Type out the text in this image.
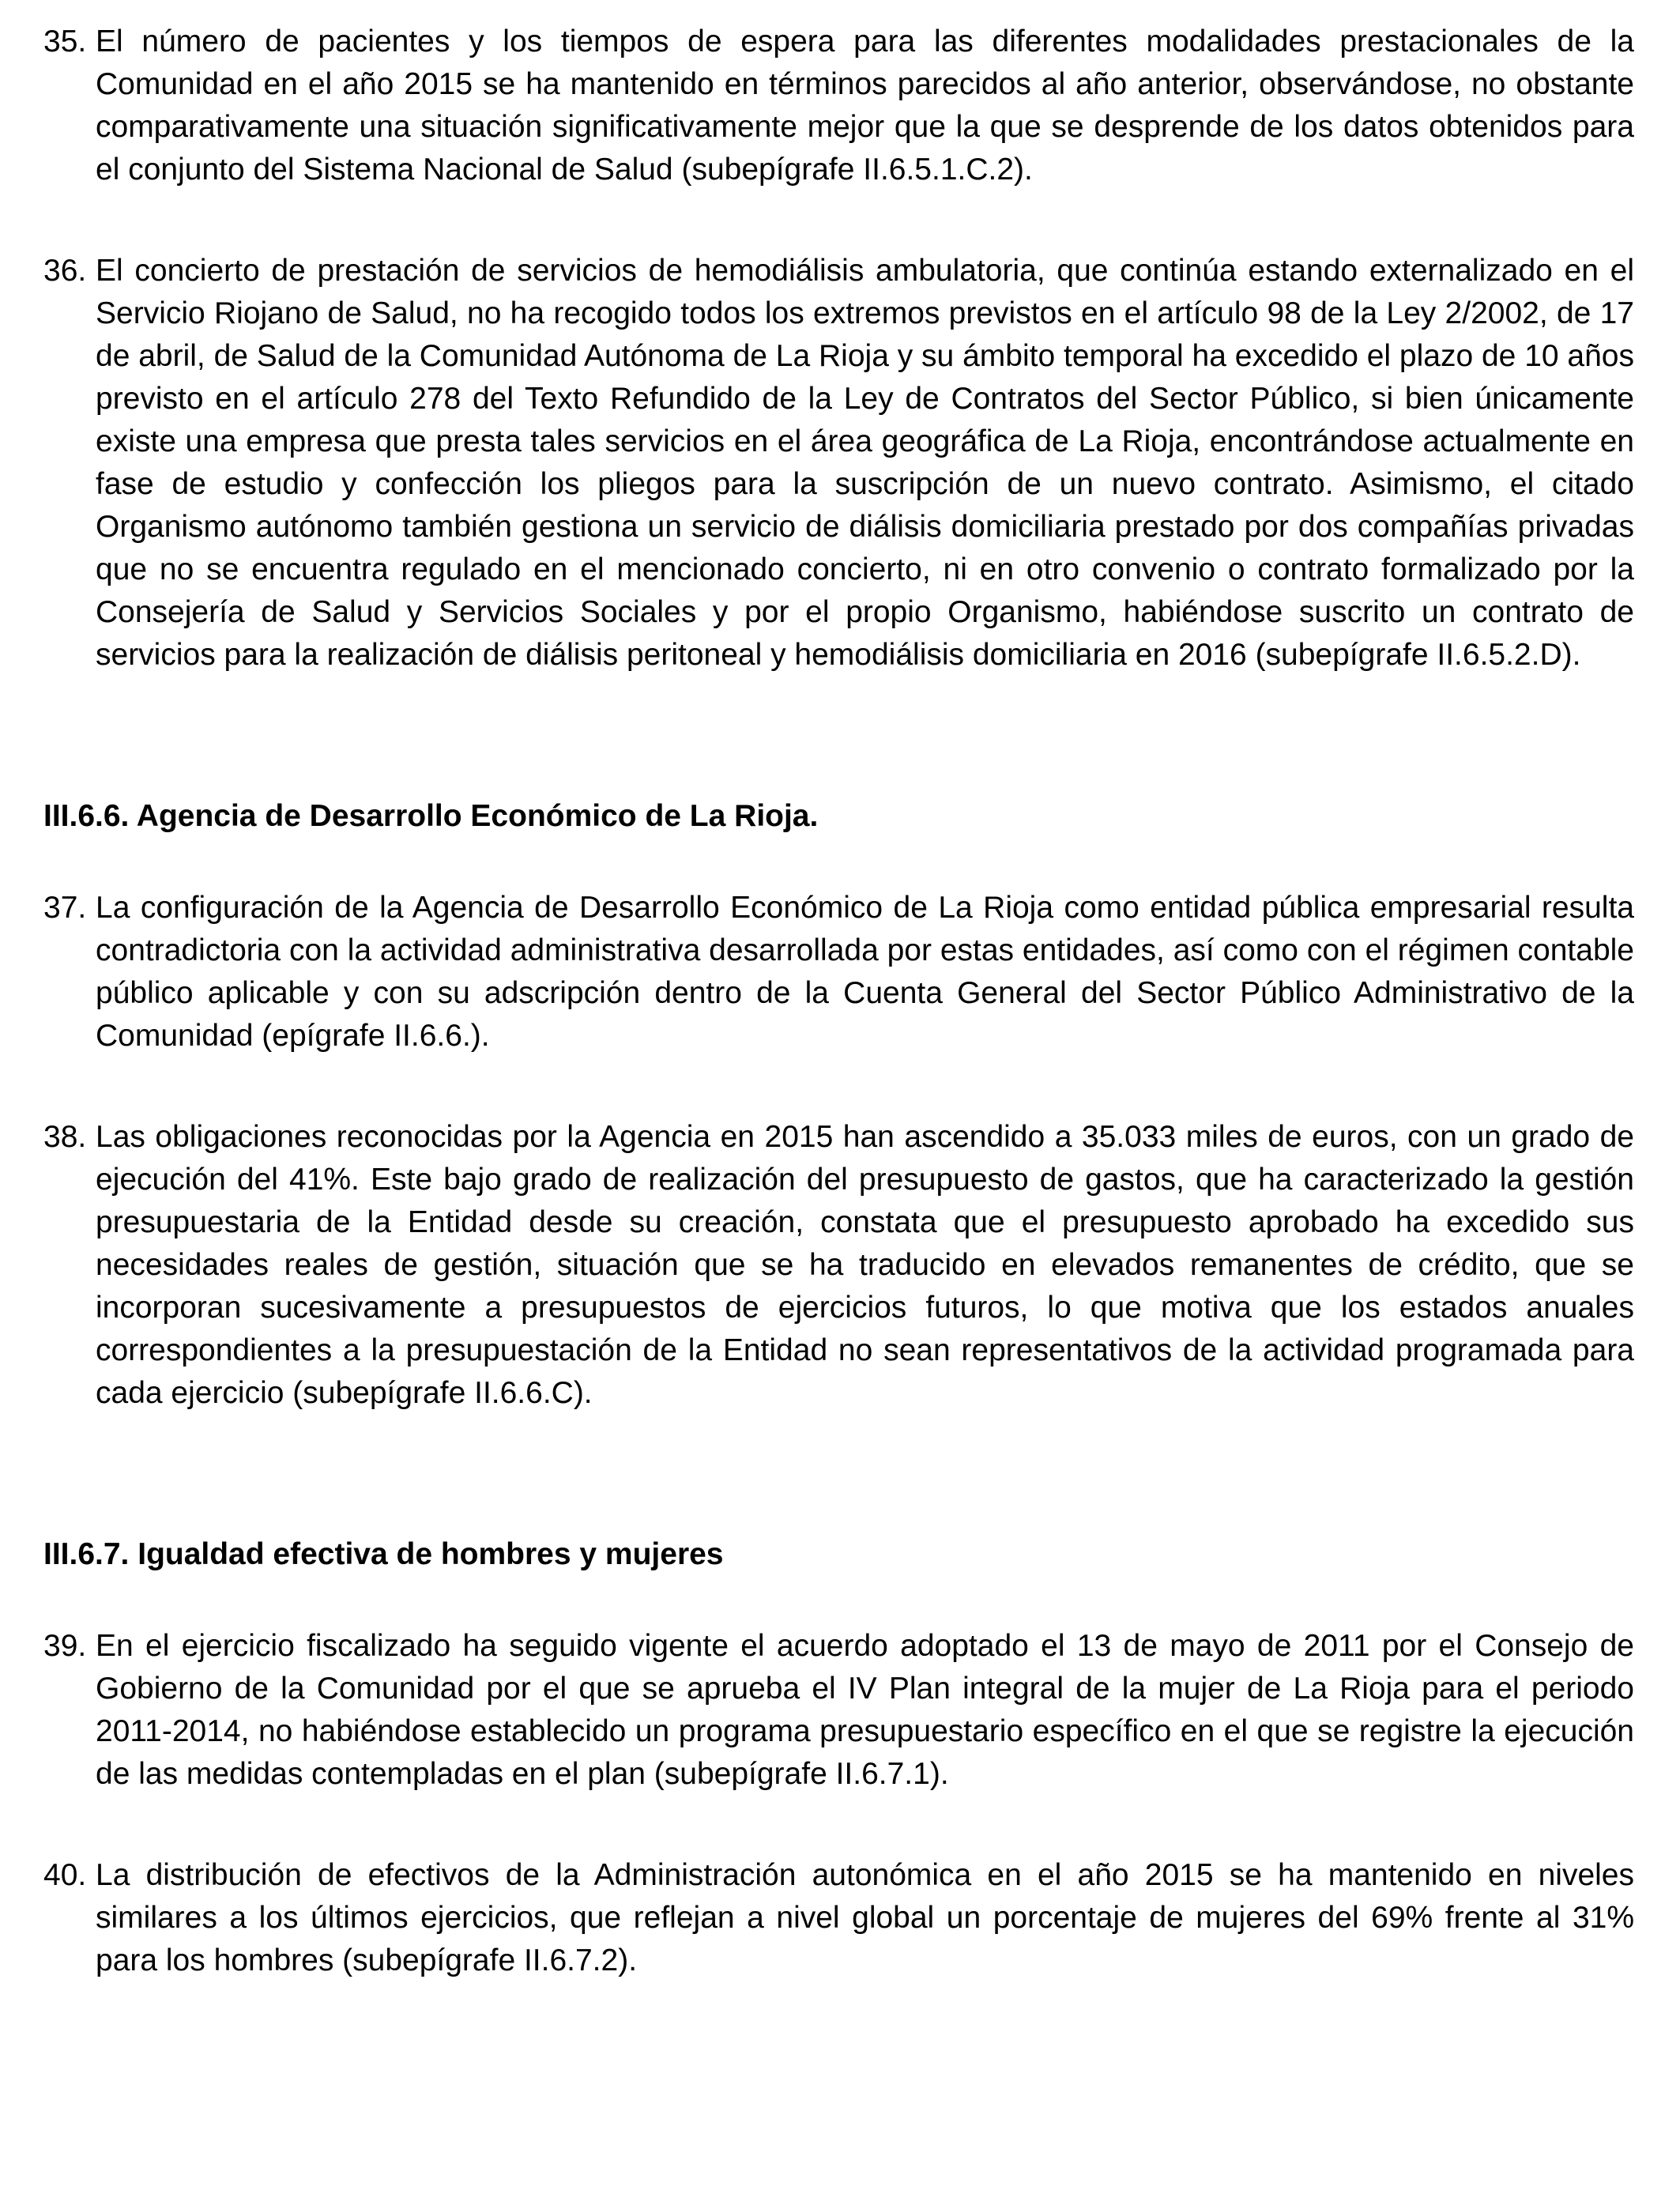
35. El número de pacientes y los tiempos de espera para las diferentes modalidades prestacionales de la Comunidad en el año 2015 se ha mantenido en términos parecidos al año anterior, observándose, no obstante comparativamente una situación significativamente mejor que la que se desprende de los datos obtenidos para el conjunto del Sistema Nacional de Salud (subepígrafe II.6.5.1.C.2).
36. El concierto de prestación de servicios de hemodiálisis ambulatoria, que continúa estando externalizado en el Servicio Riojano de Salud, no ha recogido todos los extremos previstos en el artículo 98 de la Ley 2/2002, de 17 de abril, de Salud de la Comunidad Autónoma de La Rioja y su ámbito temporal ha excedido el plazo de 10 años previsto en el artículo 278 del Texto Refundido de la Ley de Contratos del Sector Público, si bien únicamente existe una empresa que presta tales servicios en el área geográfica de La Rioja, encontrándose actualmente en fase de estudio y confección los pliegos para la suscripción de un nuevo contrato. Asimismo, el citado Organismo autónomo también gestiona un servicio de diálisis domiciliaria prestado por dos compañías privadas que no se encuentra regulado en el mencionado concierto, ni en otro convenio o contrato formalizado por la Consejería de Salud y Servicios Sociales y por el propio Organismo, habiéndose suscrito un contrato de servicios para la realización de diálisis peritoneal y hemodiálisis domiciliaria en 2016 (subepígrafe II.6.5.2.D).
III.6.6. Agencia de Desarrollo Económico de La Rioja.
37. La configuración de la Agencia de Desarrollo Económico de La Rioja como entidad pública empresarial resulta contradictoria con la actividad administrativa desarrollada por estas entidades, así como con el régimen contable público aplicable y con su adscripción dentro de la Cuenta General del Sector Público Administrativo de la Comunidad (epígrafe II.6.6.).
38. Las obligaciones reconocidas por la Agencia en 2015 han ascendido a 35.033 miles de euros, con un grado de ejecución del 41%. Este bajo grado de realización del presupuesto de gastos, que ha caracterizado la gestión presupuestaria de la Entidad desde su creación, constata que el presupuesto aprobado ha excedido sus necesidades reales de gestión, situación que se ha traducido en elevados remanentes de crédito, que se incorporan sucesivamente a presupuestos de ejercicios futuros, lo que motiva que los estados anuales correspondientes a la presupuestación de la Entidad no sean representativos de la actividad programada para cada ejercicio (subepígrafe II.6.6.C).
III.6.7. Igualdad efectiva de hombres y mujeres
39. En el ejercicio fiscalizado ha seguido vigente el acuerdo adoptado el 13 de mayo de 2011 por el Consejo de Gobierno de la Comunidad por el que se aprueba el IV Plan integral de la mujer de La Rioja para el periodo 2011-2014, no habiéndose establecido un programa presupuestario específico en el que se registre la ejecución de las medidas contempladas en el plan (subepígrafe II.6.7.1).
40. La distribución de efectivos de la Administración autonómica en el año 2015 se ha mantenido en niveles similares a los últimos ejercicios, que reflejan a nivel global un porcentaje de mujeres del 69% frente al 31% para los hombres (subepígrafe II.6.7.2).
